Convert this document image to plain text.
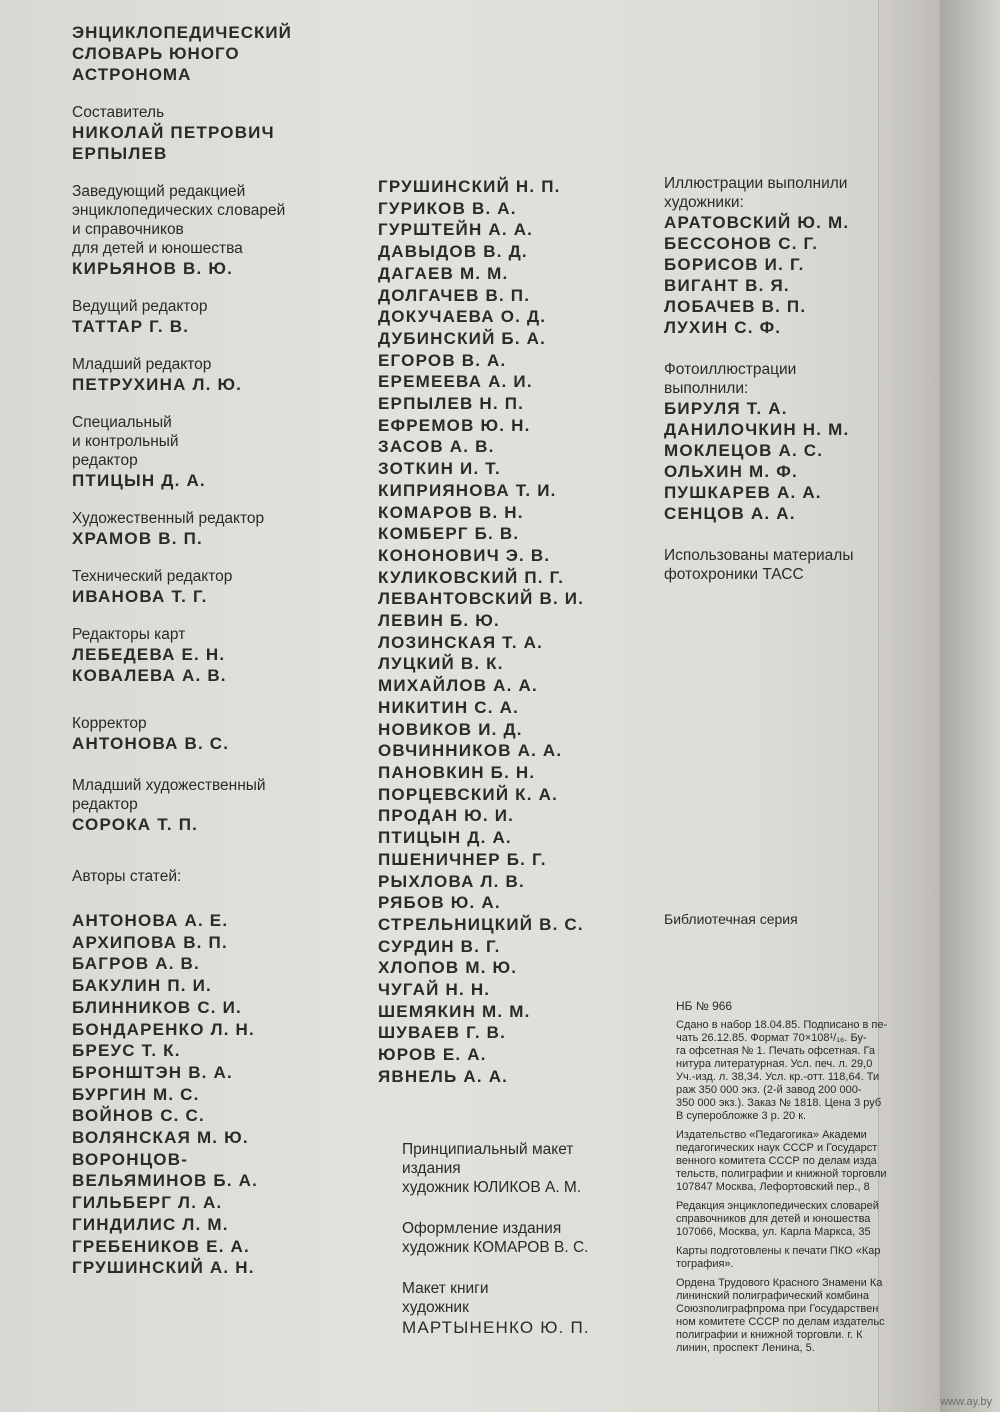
ЭНЦИКЛОПЕДИЧЕСКИЙ
СЛОВАРЬ ЮНОГО
АСТРОНОМА
Составитель
НИКОЛАЙ ПЕТРОВИЧ
ЕРПЫЛЕВ
Заведующий редакцией
энциклопедических словарей
и справочников
для детей и юношества
КИРЬЯНОВ В. Ю.
Ведущий редактор
ТАТТАР Г. В.
Младший редактор
ПЕТРУХИНА Л. Ю.
Специальный
и контрольный
редактор
ПТИЦЫН Д. А.
Художественный редактор
ХРАМОВ В. П.
Технический редактор
ИВАНОВА Т. Г.
Редакторы карт
ЛЕБЕДЕВА Е. Н.
КОВАЛЕВА А. В.
Корректор
АНТОНОВА В. С.
Младший художественный
редактор
СОРОКА Т. П.
Авторы статей:
АНТОНОВА А. Е.
АРХИПОВА В. П.
БАГРОВ А. В.
БАКУЛИН П. И.
БЛИННИКОВ С. И.
БОНДАРЕНКО Л. Н.
БРЕУС Т. К.
БРОНШТЭН В. А.
БУРГИН М. С.
ВОЙНОВ С. С.
ВОЛЯНСКАЯ М. Ю.
ВОРОНЦОВ-
ВЕЛЬЯМИНОВ Б. А.
ГИЛЬБЕРГ Л. А.
ГИНДИЛИС Л. М.
ГРЕБЕНИКОВ Е. А.
ГРУШИНСКИЙ А. Н.
ГРУШИНСКИЙ Н. П.
ГУРИКОВ В. А.
ГУРШТЕЙН А. А.
ДАВЫДОВ В. Д.
ДАГАЕВ М. М.
ДОЛГАЧЕВ В. П.
ДОКУЧАЕВА О. Д.
ДУБИНСКИЙ Б. А.
ЕГОРОВ В. А.
ЕРЕМЕЕВА А. И.
ЕРПЫЛЕВ Н. П.
ЕФРЕМОВ Ю. Н.
ЗАСОВ А. В.
ЗОТКИН И. Т.
КИПРИЯНОВА Т. И.
КОМАРОВ В. Н.
КОМБЕРГ Б. В.
КОНОНОВИЧ Э. В.
КУЛИКОВСКИЙ П. Г.
ЛЕВАНТОВСКИЙ В. И.
ЛЕВИН Б. Ю.
ЛОЗИНСКАЯ Т. А.
ЛУЦКИЙ В. К.
МИХАЙЛОВ А. А.
НИКИТИН С. А.
НОВИКОВ И. Д.
ОВЧИННИКОВ А. А.
ПАНОВКИН Б. Н.
ПОРЦЕВСКИЙ К. А.
ПРОДАН Ю. И.
ПТИЦЫН Д. А.
ПШЕНИЧНЕР Б. Г.
РЫХЛОВА Л. В.
РЯБОВ Ю. А.
СТРЕЛЬНИЦКИЙ В. С.
СУРДИН В. Г.
ХЛОПОВ М. Ю.
ЧУГАЙ Н. Н.
ШЕМЯКИН М. М.
ШУВАЕВ Г. В.
ЮРОВ Е. А.
ЯВНЕЛЬ А. А.
Иллюстрации выполнили
художники:
АРАТОВСКИЙ Ю. М.
БЕССОНОВ С. Г.
БОРИСОВ И. Г.
ВИГАНТ В. Я.
ЛОБАЧЕВ В. П.
ЛУХИН С. Ф.
Фотоиллюстрации
выполнили:
БИРУЛЯ Т. А.
ДАНИЛОЧКИН Н. М.
МОКЛЕЦОВ А. С.
ОЛЬХИН М. Ф.
ПУШКАРЕВ А. А.
СЕНЦОВ А. А.
Использованы материалы
фотохроники ТАСС
Библиотечная серия
Принципиальный макет
издания
художник ЮЛИКОВ А. М.
Оформление издания
художник КОМАРОВ В. С.
Макет книги
художник
МАРТЫНЕНКО Ю. П.
НБ № 966
Сдано в набор 18.04.85. Подписано в пе-
чать 26.12.85. Формат 70×108¹/₁₆. Бу-
га офсетная № 1. Печать офсетная. Га
нитура литературная. Усл. печ. л. 29,0
Уч.-изд. л. 38,34. Усл. кр.-отт. 118,64. Ти
раж 350 000 экз. (2-й завод 200 000-
350 000 экз.). Заказ № 1818. Цена 3 руб
В суперобложке 3 р. 20 к.
Издательство «Педагогика» Академи
педагогических наук СССР и Государст
венного комитета СССР по делам изда
тельств, полиграфии и книжной торговли
107847 Москва, Лефортовский пер., 8
Редакция энциклопедических словарей
справочников для детей и юношества
107066, Москва, ул. Карла Маркса, 35
Карты подготовлены к печати ПКО «Кар
тография».
Ордена Трудового Красного Знамени Ка
лининский полиграфический комбина
Союзполиграфпрома при Государствен
ном комитете СССР по делам издательс
полиграфии и книжной торговли. г. К
линин, проспект Ленина, 5.
www.ay.by
